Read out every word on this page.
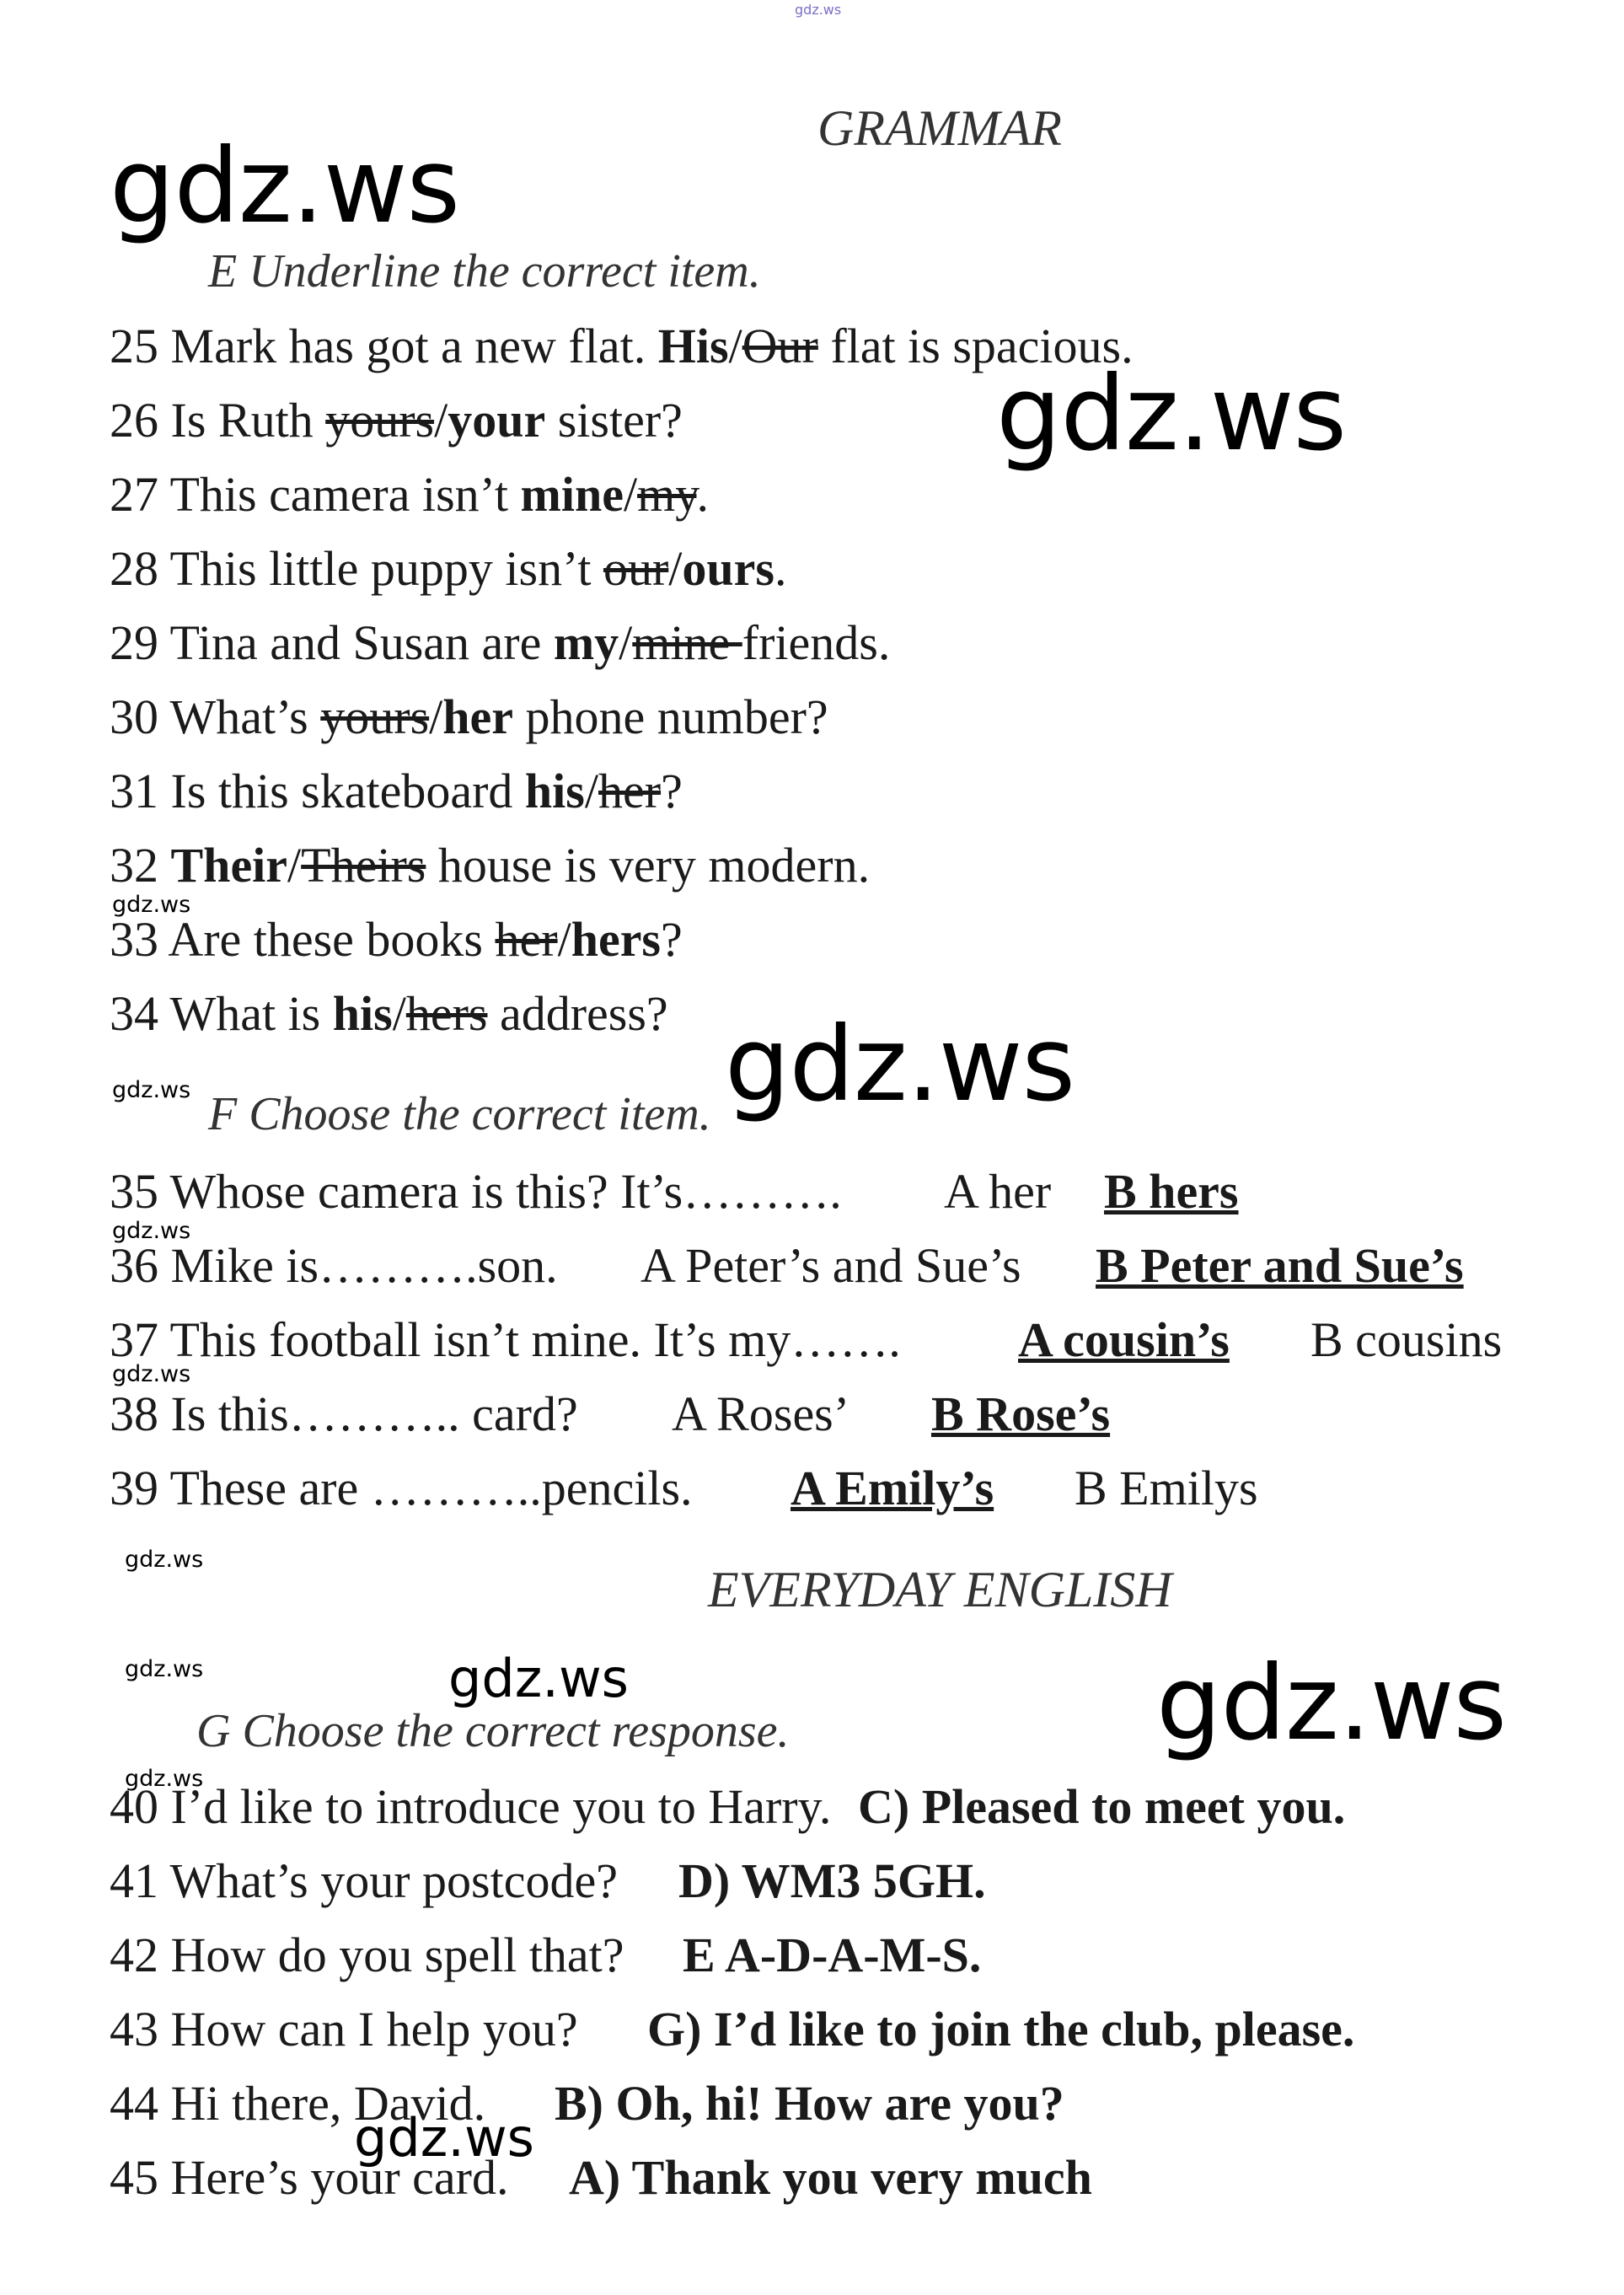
gdz.ws
GRAMMAR
gdz.ws
gdz.ws
gdz.ws
gdz.ws
gdz.ws
gdz.ws
gdz.ws
gdz.ws
gdz.ws
gdz.ws
gdz.ws
gdz.ws
gdz.ws
E Underline the correct item.
25 Mark has got a new flat. His/Our flat is spacious.
26 Is Ruth yours/your sister?
27 This camera isn’t mine/my.
28 This little puppy isn’t our/ours.
29 Tina and Susan are my/mine friends.
30 What’s yours/her phone number?
31 Is this skateboard his/her?
32 Their/Theirs house is very modern.
33 Are these books her/hers?
34 What is his/hers address?
F Choose the correct item.
35 Whose camera is this? It’s………. A her B hers
36 Mike is……….son. A Peter’s and Sue’s B Peter and Sue’s
37 This football isn’t mine. It’s my……. A cousin’s B cousins
38 Is this……….. card? A Roses’ B Rose’s
39 These are ………..pencils. A Emily’s B Emilys
EVERYDAY ENGLISH
G Choose the correct response.
40 I’d like to introduce you to Harry. C) Pleased to meet you.
41 What’s your postcode? D) WM3 5GH.
42 How do you spell that? E A-D-A-M-S.
43 How can I help you? G) I’d like to join the club, please.
44 Hi there, David. B) Oh, hi! How are you?
45 Here’s your card. A) Thank you very much
